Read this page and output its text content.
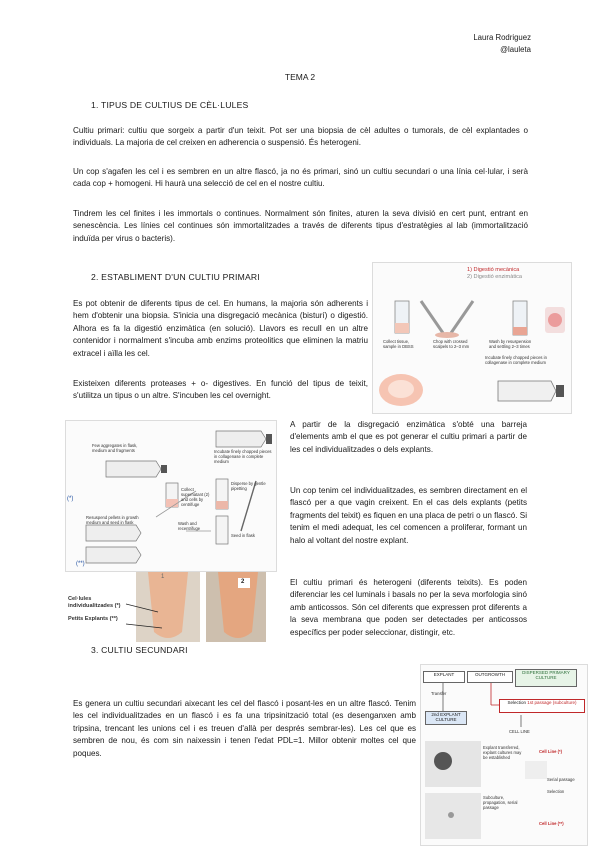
Laura Rodriguez
@lauleta
TEMA 2
1. TIPUS DE CULTIUS DE CÈL·LULES
Cultiu primari: cultiu que sorgeix a partir d'un teixit. Pot ser una biopsia de cèl adultes o tumorals, de cèl explantades o individuals. La majoria de cel creixen en adherencia o suspensió. És heterogeni.
Un cop s'agafen les cel i es sembren en un altre flascó, ja no és primari, sinó un cultiu secundari o una línia cel·lular, i serà cada cop + homogeni. Hi haurà una selecció de cel en el nostre cultiu.
Tindrem les cel finites i les immortals o continues. Normalment són finites, aturen la seva divisió en cert punt, entrant en senescència. Les línies cel continues són immortalitzades a través de diferents tipus d'estratègies al lab (immortalització induïda per virus o bacteris).
2. ESTABLIMENT D'UN CULTIU PRIMARI
Es pot obtenir de diferents tipus de cel. En humans, la majoria són adherents i hem d'obtenir una biopsia. S'inicia una disgregació mecànica (bisturí) o digestió. Alhora es fa la digestió enzimàtica (en solució). Llavors es reculI en un altre contenidor i normalment s'incuba amb enzims proteolitics que eliminen la matriu extracel i aïlla les cel.
Existeixen diferents proteases + o- digestives. En funció del tipus de teixit, s'utilitza un tipus o un altre. S'incuben les cel overnight.
A partir de la disgregació enzimàtica s'obté una barreja d'elements amb el que es pot generar el cultiu primari a partir de les cel individualitzades o dels explants.
Un cop tenim cel individualitzades, es sembren directament en el flascó per a que vagin creixent. En el cas dels explants (petits fragments del teixit) es fiquen en una placa de petri o un flascó. Si tenim el medi adequat, les cel comencen a proliferar, formant un halo al voltant del nostre explant.
El cultiu primari és heterogeni (diferents teixits). Es poden diferenciar les cel luminals i basals no per la seva morfologia sinó amb anticossos. Són cel diferents que expressen prot diferents a la seva membrana que poden ser detectades per anticossos específics per poder seleccionar, distingir, etc.
3. CULTIU SECUNDARI
Es genera un cultiu secundari aixecant les cel del flascó i posant-les en un altre flascó. Tenim les cel individualitzades en un flascó i es fa una tripsinització total (es desenganxen amb tripsina, trencant les unions cel i es treuen d'allà per després sembrar-les). Les cel que es sembren de nou, és com sin naixessin i tenen l'edat PDL=1. Millor obtenir moltes cel que poques.
1) Digestió mecànica
2) Digestió enzimàtica
Collect tissue, sample in DBSS
Chop with crossed scalpels to 2–3 mm
Wash by resuspension and settling 2–3 times
Incubate finely chopped pieces in collagenase in complete medium
Incubate finely chopped pieces in collagenase in complete medium
Few aggregates in flask, medium and fragments
Collect supernatant (2) and cells by centrifuge
Disperse by gentle pipetting
Wash and recentrifuge
Resuspend pellets in growth medium and seed in flask
Seed in flask
(*)
(**)
Cel·lules individualitzades (*)
Petits Explants (**)
1
2
EXPLANT	OUTGROWTH	DISPERSED PRIMARY CULTURE
Transfer
2nd EXPLANT CULTURE
Selection 1st passage (subculture)
CELL LINE
Explant transferred, explant cultures may be established
Subculture, propagation, serial passage
Cell Line (*)
Cell Line (**)
Serial passage
Selection
